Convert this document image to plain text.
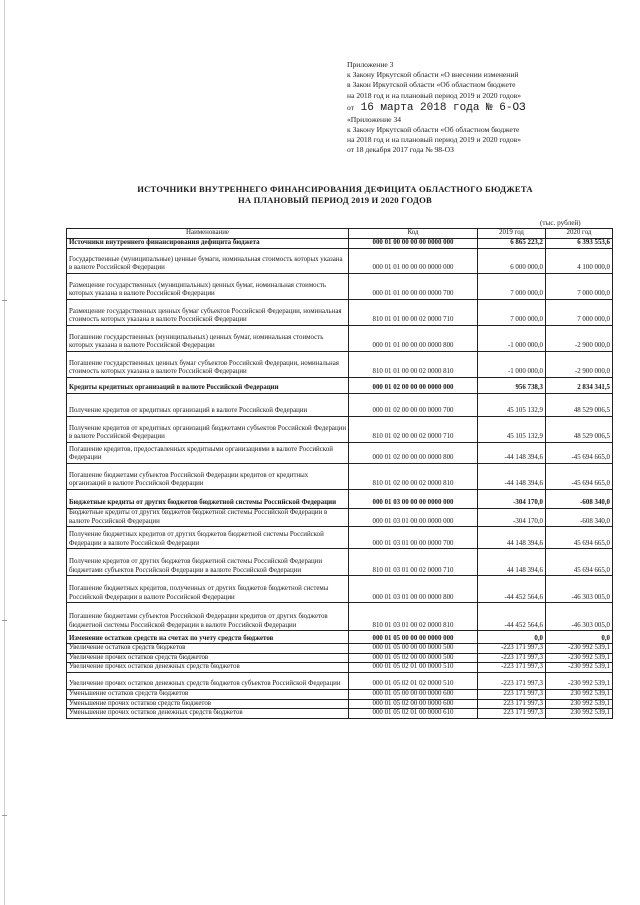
Приложение 3
к Закону Иркутской области «О внесении изменений
в Закон Иркутской области «Об областном бюджете
на 2018 год и на плановый период 2019 и 2020 годов»
от 16 марта 2018 года № 6-ОЗ
«Приложение 34
к Закону Иркутской области «Об областном бюджете
на 2018 год и на плановый период 2019 и 2020 годов»
от 18 декабря 2017 года № 98-ОЗ
ИСТОЧНИКИ ВНУТРЕННЕГО ФИНАНСИРОВАНИЯ ДЕФИЦИТА ОБЛАСТНОГО БЮДЖЕТА
НА ПЛАНОВЫЙ ПЕРИОД 2019 И 2020 ГОДОВ
(тыс. рублей)
Наименование	Код	2019 год	2020 год
Источники внутреннего финансирования дефицита бюджета	000 01 00 00 00 00 0000 000	6 865 223,2	6 393 553,6
Государственные (муниципальные) ценные бумаги, номинальная стоимость которых указана в валюте Российской Федерации	000 01 01 00 00 00 0000 000	6 000 000,0	4 100 000,0
Размещение государственных (муниципальных) ценных бумаг, номинальная стоимость которых указана в валюте Российской Федерации	000 01 01 00 00 00 0000 700	7 000 000,0	7 000 000,0
Размещение государственных ценных бумаг субъектов Российской Федерации, номинальная стоимость которых указана в валюте Российской Федерации	810 01 01 00 00 02 0000 710	7 000 000,0	7 000 000,0
Погашение государственных (муниципальных) ценных бумаг, номинальная стоимость которых указана в валюте Российской Федерации	000 01 01 00 00 00 0000 800	-1 000 000,0	-2 900 000,0
Погашение государственных ценных бумаг субъектов Российской Федерации, номинальная стоимость которых указана в валюте Российской Федерации	810 01 01 00 00 02 0000 810	-1 000 000,0	-2 900 000,0
Кредиты кредитных организаций в валюте Российской Федерации	000 01 02 00 00 00 0000 000	956 738,3	2 834 341,5
Получение кредитов от кредитных организаций в валюте Российской Федерации	000 01 02 00 00 00 0000 700	45 105 132,9	48 529 006,5
Получение кредитов от кредитных организаций бюджетами субъектов Российской Федерации в валюте Российской Федерации	810 01 02 00 00 02 0000 710	45 105 132,9	48 529 006,5
Погашение кредитов, предоставленных кредитными организациями в валюте Российской Федерации	000 01 02 00 00 00 0000 800	-44 148 394,6	-45 694 665,0
Погашение бюджетами субъектов Российской Федерации кредитов от кредитных организаций в валюте Российской Федерации	810 01 02 00 00 02 0000 810	-44 148 394,6	-45 694 665,0
Бюджетные кредиты от других бюджетов бюджетной системы Российской Федерации	000 01 03 00 00 00 0000 000	-304 170,0	-608 340,0
Бюджетные кредиты от других бюджетов бюджетной системы Российской Федерации в валюте Российской Федерации	000 01 03 01 00 00 0000 000	-304 170,0	-608 340,0
Получение бюджетных кредитов от других бюджетов бюджетной системы Российской Федерации в валюте Российской Федерации	000 01 03 01 00 00 0000 700	44 148 394,6	45 694 665,0
Получение кредитов от других бюджетов бюджетной системы Российской Федерации бюджетами субъектов Российской Федерации в валюте Российской Федерации	810 01 03 01 00 02 0000 710	44 148 394,6	45 694 665,0
Погашение бюджетных кредитов, полученных от других бюджетов бюджетной системы Российской Федерации в валюте Российской Федерации	000 01 03 01 00 00 0000 800	-44 452 564,6	-46 303 005,0
Погашение бюджетами субъектов Российской Федерации кредитов от других бюджетов бюджетной системы Российской Федерации в валюте Российской Федерации	810 01 03 01 00 02 0000 810	-44 452 564,6	-46 303 005,0
Изменение остатков средств на счетах по учету средств бюджетов	000 01 05 00 00 00 0000 000	0,0	0,0
Увеличение остатков средств бюджетов	000 01 05 00 00 00 0000 500	-223 171 997,3	-230 992 539,1
Увеличение прочих остатков средств бюджетов	000 01 05 02 00 00 0000 500	-223 171 997,3	-230 992 539,1
Увеличение прочих остатков денежных средств бюджетов	000 01 05 02 01 00 0000 510	-223 171 997,3	-230 992 539,1
Увеличение прочих остатков денежных средств бюджетов субъектов Российской Федерации	000 01 05 02 01 02 0000 510	-223 171 997,3	-230 992 539,1
Уменьшение остатков средств бюджетов	000 01 05 00 00 00 0000 600	223 171 997,3	230 992 539,1
Уменьшение прочих остатков средств бюджетов	000 01 05 02 00 00 0000 600	223 171 997,3	230 992 539,1
Уменьшение прочих остатков денежных средств бюджетов	000 01 05 02 01 00 0000 610	223 171 997,3	230 992 539,1
